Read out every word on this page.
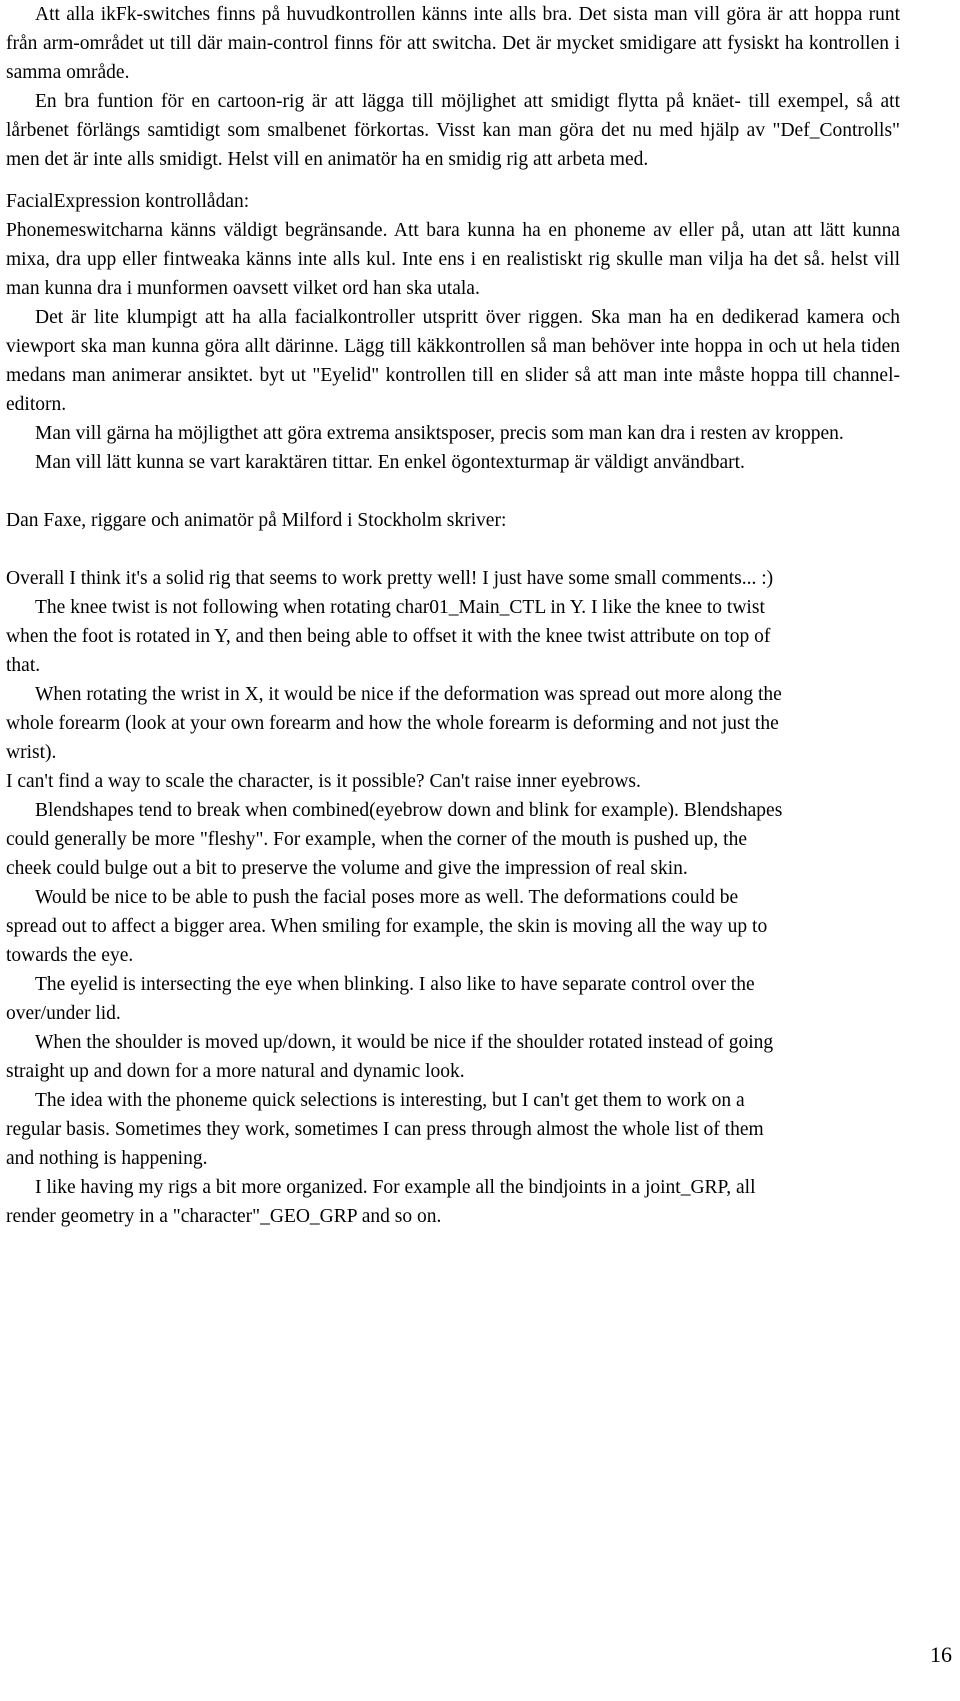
Att alla ikFk-switches finns på huvudkontrollen känns inte alls bra. Det sista man vill göra är att hoppa runt från arm-området ut till där main-control finns för att switcha. Det är mycket smidigare att fysiskt ha kontrollen i samma område.

En bra funtion för en cartoon-rig är att lägga till möjlighet att smidigt flytta på knäet- till exempel, så att lårbenet förlängs samtidigt som smalbenet förkortas. Visst kan man göra det nu med hjälp av "Def_Controlls" men det är inte alls smidigt. Helst vill en animatör ha en smidig rig att arbeta med.

FacialExpression kontrollådan:

Phonemeswitcharna känns väldigt begränsande. Att bara kunna ha en phoneme av eller på, utan att lätt kunna mixa, dra upp eller fintweaka känns inte alls kul. Inte ens i en realistiskt rig skulle man vilja ha det så. helst vill man kunna dra i munformen oavsett vilket ord han ska utala.

Det är lite klumpigt att ha alla facialkontroller utspritt över riggen. Ska man ha en dedikerad kamera och viewport ska man kunna göra allt därinne. Lägg till käkkontrollen så man behöver inte hoppa in och ut hela tiden medans man animerar ansiktet. byt ut "Eyelid" kontrollen till en slider så att man inte måste hoppa till channel-editorn.

Man vill gärna ha möjligthet att göra extrema ansiktsposer, precis som man kan dra i resten av kroppen.

Man vill lätt kunna se vart karaktären tittar. En enkel ögontexturmap är väldigt användbart.

Dan Faxe, riggare och animatör på Milford i Stockholm skriver:

Overall I think it's a solid rig that seems to work pretty well! I just have some small comments... :)

The knee twist is not following when rotating char01_Main_CTL in Y. I like the knee to twist when the foot is rotated in Y, and then being able to offset it with the knee twist attribute on top of that.

When rotating the wrist in X, it would be nice if the deformation was spread out more along the whole forearm (look at your own forearm and how the whole forearm is deforming and not just the wrist).

I can't find a way to scale the character, is it possible? Can't raise inner eyebrows.

Blendshapes tend to break when combined(eyebrow down and blink for example). Blendshapes could generally be more "fleshy". For example, when the corner of the mouth is pushed up, the cheek could bulge out a bit to preserve the volume and give the impression of real skin.

Would be nice to be able to push the facial poses more as well. The deformations could be spread out to affect a bigger area. When smiling for example, the skin is moving all the way up to towards the eye.

The eyelid is intersecting the eye when blinking. I also like to have separate control over the over/under lid.

When the shoulder is moved up/down, it would be nice if the shoulder rotated instead of going straight up and down for a more natural and dynamic look.

The idea with the phoneme quick selections is interesting, but I can't get them to work on a regular basis. Sometimes they work, sometimes I can press through almost the whole list of them and nothing is happening.

I like having my rigs a bit more organized. For example all the bindjoints in a joint_GRP, all render geometry in a "character"_GEO_GRP and so on.

16
